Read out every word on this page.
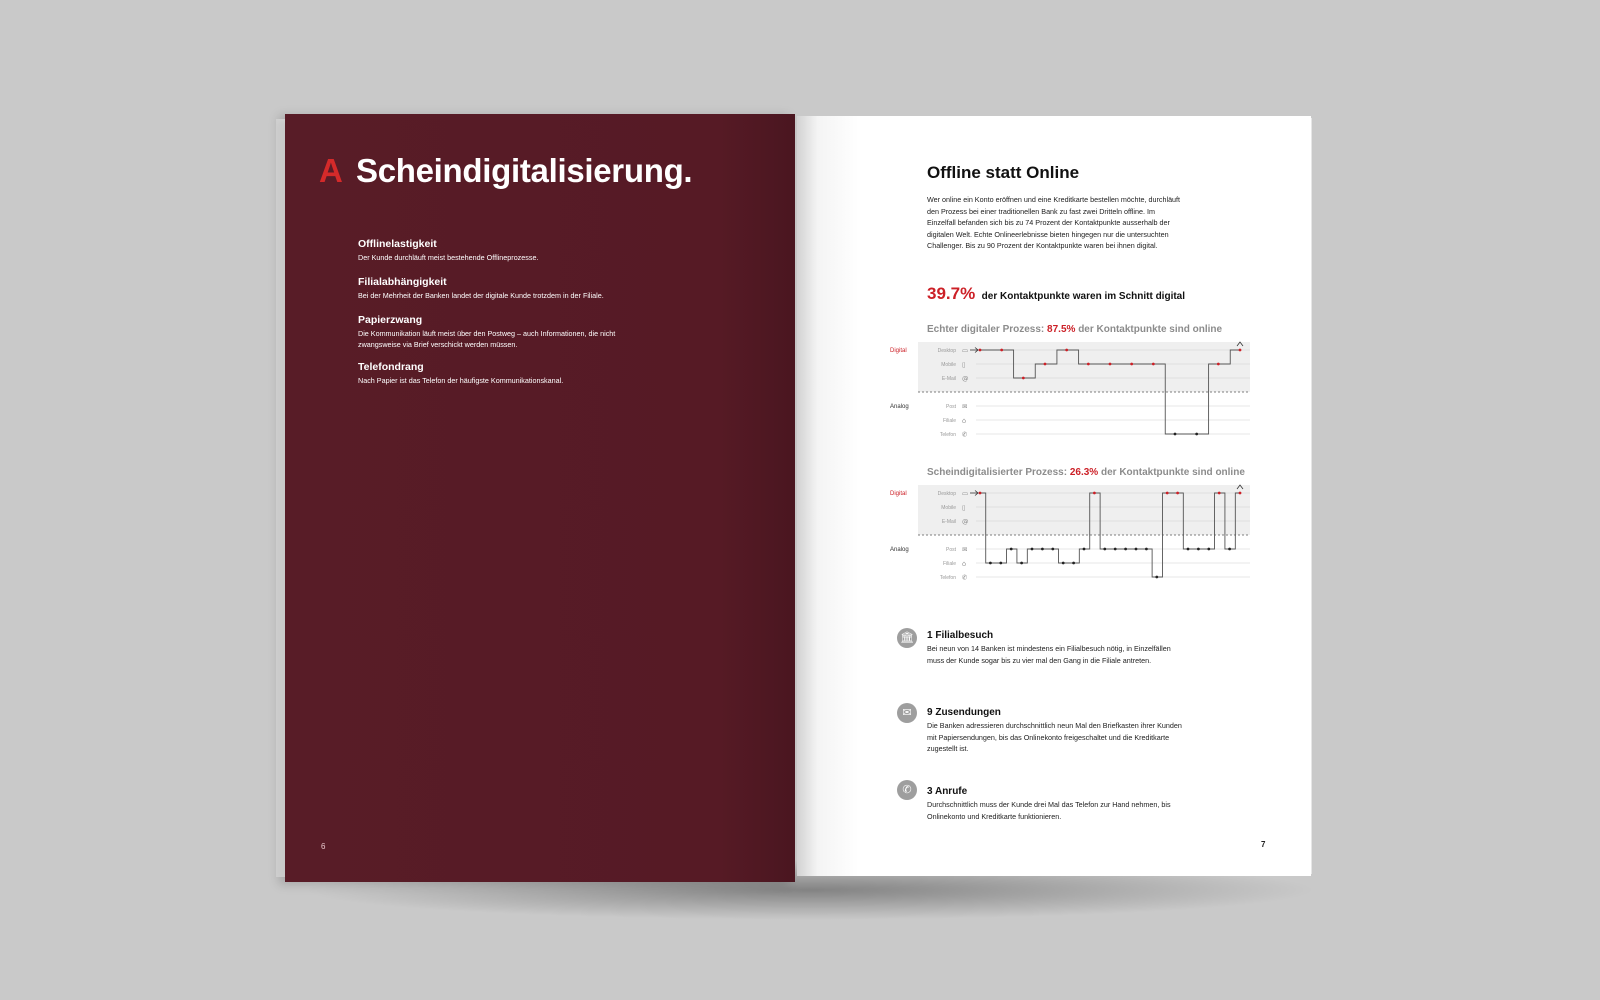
A Scheindigitalisierung.
Offlinelastigkeit
Der Kunde durchläuft meist bestehende Offlineprozesse.
Filialabhängigkeit
Bei der Mehrheit der Banken landet der digitale Kunde trotzdem in der Filiale.
Papierzwang
Die Kommunikation läuft meist über den Postweg – auch Informationen, die nicht zwangsweise via Brief verschickt werden müssen.
Telefondrang
Nach Papier ist das Telefon der häufigste Kommunikationskanal.
6
Offline statt Online
Wer online ein Konto eröffnen und eine Kreditkarte bestellen möchte, durchläuft den Prozess bei einer traditionellen Bank zu fast zwei Dritteln offline. Im Einzelfall befanden sich bis zu 74 Prozent der Kontaktpunkte ausserhalb der digitalen Welt. Echte Onlineerlebnisse bieten hingegen nur die untersuchten Challenger. Bis zu 90 Prozent der Kontaktpunkte waren bei ihnen digital.
39.7% der Kontaktpunkte waren im Schnitt digital
Echter digitaler Prozess: 87.5% der Kontaktpunkte sind online
Digital
Analog
Desktop ▭
Mobile ▯
E-Mail @
Post ✉
Filiale ⌂
Telefon ✆
Scheindigitalisierter Prozess: 26.3% der Kontaktpunkte sind online
Digital
Analog
Desktop ▭
Mobile ▯
E-Mail @
Post ✉
Filiale ⌂
Telefon ✆
🏛	1 Filialbesuch
Bei neun von 14 Banken ist mindestens ein Filialbesuch nötig, in Einzelfällen muss der Kunde sogar bis zu vier mal den Gang in die Filiale antreten.
✉	9 Zusendungen
Die Banken adressieren durchschnittlich neun Mal den Briefkasten ihrer Kunden mit Papiersendungen, bis das Onlinekonto freigeschaltet und die Kreditkarte zugestellt ist.
✆	3 Anrufe
Durchschnittlich muss der Kunde drei Mal das Telefon zur Hand nehmen, bis Onlinekonto und Kreditkarte funktionieren.
7
